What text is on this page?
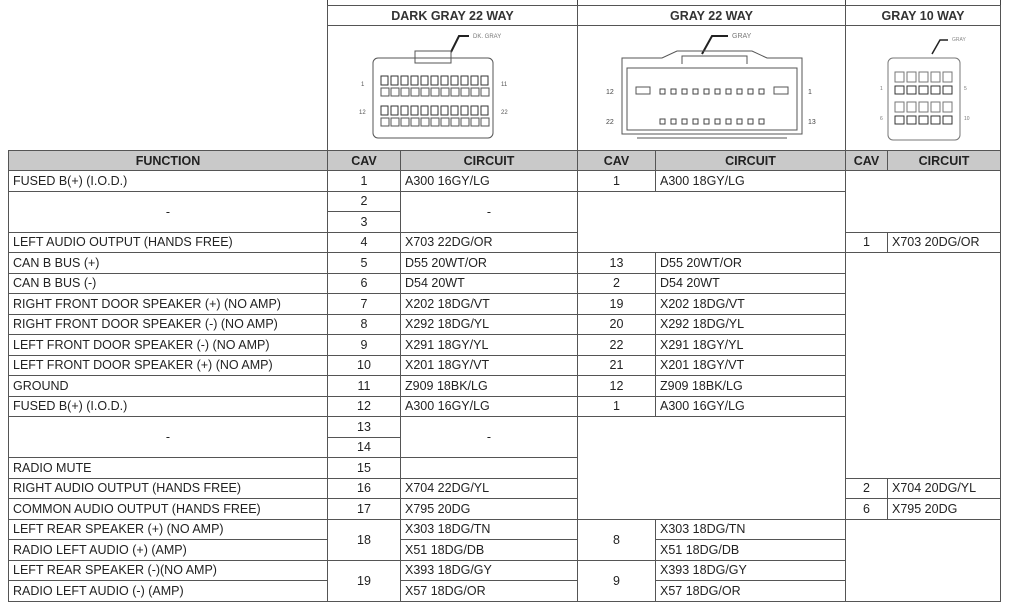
DARK GRAY 22 WAY	GRAY 22 WAY	GRAY 10 WAY

DK. GRAY
1
12
11
22	GRAY
12
22
1
13	GRAY
1
6
5
10
FUNCTION	CAV	CIRCUIT	CAV	CIRCUIT	CAV	CIRCUIT
FUSED B(+) (I.O.D.)	1	A300 16GY/LG	1	A300 18GY/LG		
-	2	-				
	3					
LEFT AUDIO OUTPUT (HANDS FREE)	4	X703 22DG/OR			1	X703 20DG/OR
CAN B BUS (+)	5	D55 20WT/OR	13	D55 20WT/OR		
CAN B BUS (-)	6	D54 20WT	2	D54 20WT		
RIGHT FRONT DOOR SPEAKER (+) (NO AMP)	7	X202 18DG/VT	19	X202 18DG/VT		
RIGHT FRONT DOOR SPEAKER (-) (NO AMP)	8	X292 18DG/YL	20	X292 18DG/YL		
LEFT FRONT DOOR SPEAKER (-) (NO AMP)	9	X291 18GY/YL	22	X291 18GY/YL		
LEFT FRONT DOOR SPEAKER (+) (NO AMP)	10	X201 18GY/VT	21	X201 18GY/VT		
GROUND	11	Z909 18BK/LG	12	Z909 18BK/LG		
FUSED B(+) (I.O.D.)	12	A300 16GY/LG	1	A300 16GY/LG		
-	13	-				
	14					
RADIO MUTE	15					
RIGHT AUDIO OUTPUT (HANDS FREE)	16	X704 22DG/YL			2	X704 20DG/YL
COMMON AUDIO OUTPUT (HANDS FREE)	17	X795 20DG			6	X795 20DG
LEFT REAR SPEAKER (+) (NO AMP)	18	X303 18DG/TN	8	X303 18DG/TN		
RADIO LEFT AUDIO (+) (AMP)		X51 18DG/DB		X51 18DG/DB		
LEFT REAR SPEAKER (-)(NO AMP)	19	X393 18DG/GY	9	X393 18DG/GY		
RADIO LEFT AUDIO (-) (AMP)		X57 18DG/OR		X57 18DG/OR		
